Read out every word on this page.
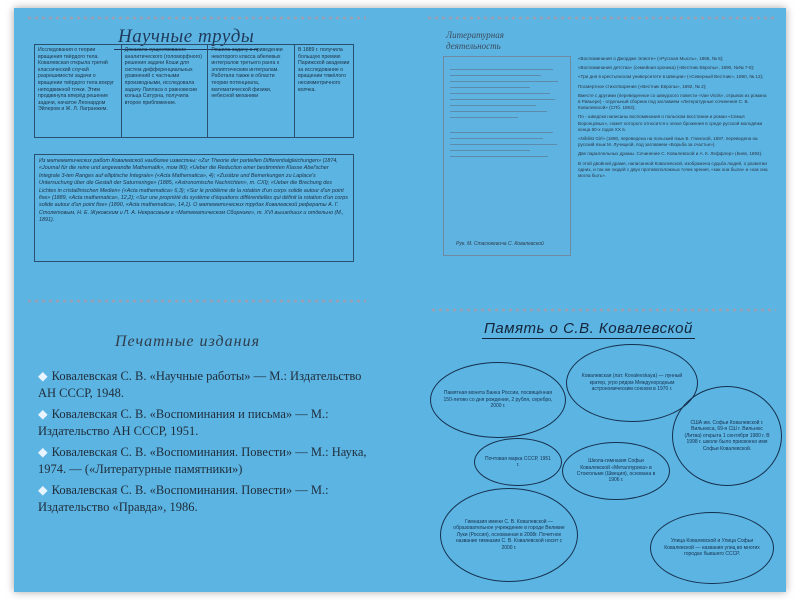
Научные труды
Исследования о теории вращения твёрдого тела. Ковалевская открыла третий классический случай разрешимости задачи о вращении твёрдого тела вокруг неподвижной точки. Этим продвинула вперёд решение задачи, начатое Леонардом Эйлером и Ж. Л. Лагранжем.	Доказала существование аналитического (голоморфного) решения задачи Коши для систем дифференциальных уравнений с частными производными, исследовала задачу Лапласа о равновесии кольца Сатурна, получила второе приближение.	Решила задачу о приведении некоторого класса абелевых интегралов третьего ранга к эллиптическим интегралам. Работала также в области теории потенциала, математической физики, небесной механики	В 1889 г. получила большую премию Парижской академии за исследование о вращении тяжёлого несимметричного волчка.
Из математических работ Ковалевской наиболее известны: «Zur Theorie der partiellen Differentialgleichungen» (1874, «Journal für die reine und angewandte Mathematik», том 80); «Ueber die Reduction einer bestimmten Klasse Abel'scher Integrale 3-ten Ranges auf elliptische Integrale» («Acta Mathematica», 4); «Zusätze und Bemerkungen zu Laplace's Untersuchung über die Gestalt der Saturnsringe» (1885, «Astronomische Nachrichten», т. CXI); «Ueber die Brechung des Lichtes in cristallinischen Medien» («Acta mathematica» 6,3); «Sur le problème de la rotation d'un corps solide autour d'un point fixe» (1889, «Acta mathematica», 12,2); «Sur une propriété du système d'équations différentielles qui définit la rotation d'un corps solide autour d'un point fixe» (1890, «Acta mathematica», 14,1). О математических трудах Ковалевской рефераты А. Г. Столетовым, Н. Е. Жуковским и П. А. Некрасовым в «Математическом Сборнике», т. XVI вышедших и отдельно (М., 1891).
Литературная деятельность
Рук. М. Стасюкевича С. Ковалевской
«Воспоминания о Джордже Элиоте» («Русская Мысль», 1886, № 6);
«Воспоминания детства» (семейная хроника) («Вестник Европы», 1890, №№ 7-8);
«Три дня в крестьянском университете в Швеции» («Северный Вестник», 1890, № 12);
Посмертное стихотворение («Вестник Европы», 1892, № 2);
Вместе с другими (переведенное со шведского повести «Vae Victis», отрывок из романа в Ривьере) - отдельный сборник под заглавием «Литературные сочинения С. В. Ковалевской» (СПб. 1893);
По - шведски написаны воспоминания о польском восстании и роман «Семья Воронцовых», сюжет которого относится к эпохе брожения в среде русской молодёжи конца 60-х годов XX в.
«Nihilist Girl» (1890, переведена на польский язык Б. Глинской, 1897, переведена на русский язык М. Лучицкой, под заглавием «Борьба за счастье»).
Две параллельных драмы. Сочинение С. Ковалевской и А. К. Леффлер» (Киев, 1892).
В этой двойной драме, написанной Ковалевской, изображена судьба людей, о развитии одних, и так же людей с двух противоположных точек зрения, «как она была» и «как она могла быть».
Печатные издания
◆ Ковалевская С. В. «Научные работы» — М.: Издательство АН СССР, 1948.
◆ Ковалевская С. В. «Воспоминания и письма» — М.: Издательство АН СССР, 1951.
◆ Ковалевская С. В. «Воспоминания. Повести» — М.: Наука, 1974. — («Литературные памятники»)
◆ Ковалевская С. В. «Воспоминания. Повести» — М.: Издательство «Правда», 1986.
Память о С.В. Ковалевской
Памятная монета Банка России, посвящённая 150-летию со дня рождения, 2 рубля, серебро, 2000 г.
Ковалевская (лат. Kovalevskaya) — лунный кратер, угро рядом Междунородным астрономическим союзом в 1970 г.
США им. Софьи Ковалевской г. Вильнюса, 69-я СШ г. Вильнюс (Литва) открыта 1 сентября 1980 г. В 1998 г. школе было присвоено имя Софьи Ковалевской.
Почтовая марка СССР, 1951 г.
Школа-гимназия Софьи Ковалевской «Металлуриха» в Стокгольме (Швеция), основана в 1906 г.
Гимназия имени С. В. Ковалевской — образовательное учреждение в городе Великие Луки (Россия), основанная в 2008г. Почетное название гимназии С. В. Ковалевской носит с 2000 г.
Улица Ковалевской и Улица Софьи Ковалевской — названия улиц во многих городах бывшего СССР.
